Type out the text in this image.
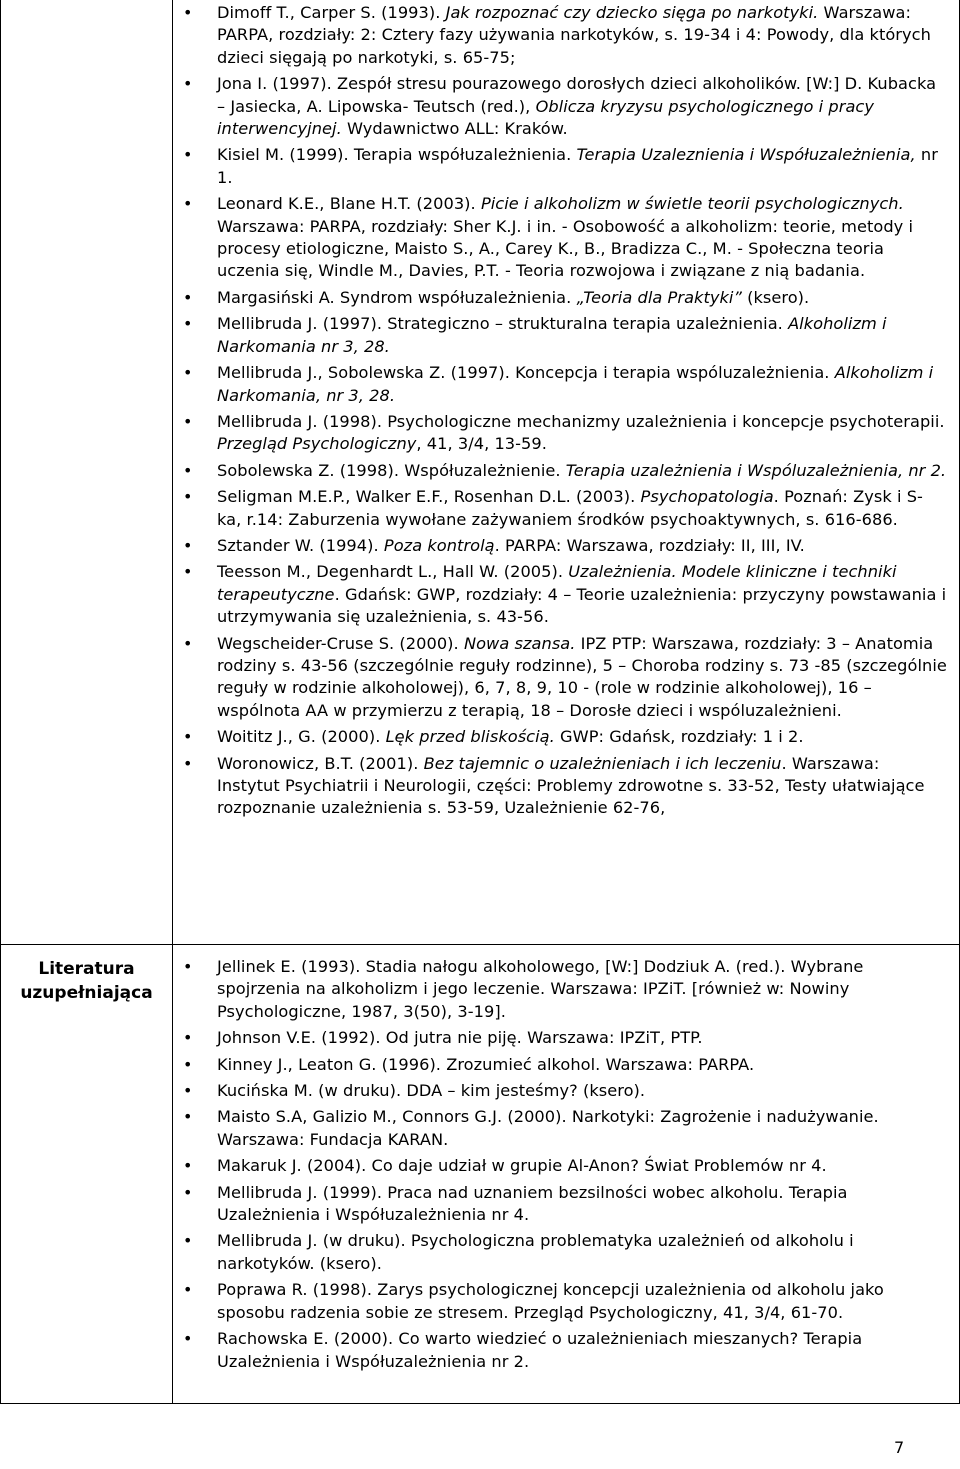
• Dimoff T., Carper S. (1993). Jak rozpoznać czy dziecko sięga po narkotyki. Warszawa: PARPA, rozdziały: 2: Cztery fazy używania narkotyków, s. 19-34 i 4: Powody, dla których dzieci sięgają po narkotyki, s. 65-75;
• Jona I. (1997). Zespół stresu pourazowego dorosłych dzieci alkoholików. [W:] D. Kubacka – Jasiecka, A. Lipowska- Teutsch (red.), Oblicza kryzysu psychologicznego i pracy interwencyjnej. Wydawnictwo ALL: Kraków.
• Kisiel M. (1999). Terapia współuzależnienia. Terapia Uzaleznienia i Współuzależnienia, nr 1.
• Leonard K.E., Blane H.T. (2003). Picie i alkoholizm w świetle teorii psychologicznych. Warszawa: PARPA, rozdziały: Sher K.J. i in. - Osobowość a alkoholizm: teorie, metody i procesy etiologiczne, Maisto S., A., Carey K., B., Bradizza C., M. - Społeczna teoria uczenia się, Windle M., Davies, P.T. - Teoria rozwojowa i związane z nią badania.
• Margasiński A. Syndrom współuzależnienia. „Teoria dla Praktyki” (ksero).
• Mellibruda J. (1997). Strategiczno – strukturalna terapia uzależnienia. Alkoholizm i Narkomania nr 3, 28.
• Mellibruda J., Sobolewska Z. (1997). Koncepcja i terapia wspóluzależnienia. Alkoholizm i Narkomania, nr 3, 28.
• Mellibruda J. (1998). Psychologiczne mechanizmy uzależnienia i koncepcje psychoterapii. Przegląd Psychologiczny, 41, 3/4, 13-59.
• Sobolewska Z. (1998). Współuzależnienie. Terapia uzależnienia i Wspóluzależnienia, nr 2.
• Seligman M.E.P., Walker E.F., Rosenhan D.L. (2003). Psychopatologia. Poznań: Zysk i S-ka, r.14: Zaburzenia wywołane zażywaniem środków psychoaktywnych, s. 616-686.
• Sztander W. (1994). Poza kontrolą. PARPA: Warszawa, rozdziały: II, III, IV.
• Teesson M., Degenhardt L., Hall W. (2005). Uzależnienia. Modele kliniczne i techniki terapeutyczne. Gdańsk: GWP, rozdziały: 4 – Teorie uzależnienia: przyczyny powstawania i utrzymywania się uzależnienia, s. 43-56.
• Wegscheider-Cruse S. (2000). Nowa szansa. IPZ PTP: Warszawa, rozdziały: 3 – Anatomia rodziny s. 43-56 (szczególnie reguły rodzinne), 5 – Choroba rodziny s. 73 -85 (szczególnie reguły w rodzinie alkoholowej), 6, 7, 8, 9, 10 - (role w rodzinie alkoholowej), 16 – wspólnota AA w przymierzu z terapią, 18 – Dorosłe dzieci i wspóluzależnieni.
• Woititz J., G. (2000). Lęk przed bliskością. GWP: Gdańsk, rozdziały: 1 i 2.
• Woronowicz, B.T. (2001). Bez tajemnic o uzależnieniach i ich leczeniu. Warszawa: Instytut Psychiatrii i Neurologii, części: Problemy zdrowotne s. 33-52, Testy ułatwiające rozpoznanie uzależnienia s. 53-59, Uzależnienie 62-76,
Literatura
uzupełniająca
• Jellinek E. (1993). Stadia nałogu alkoholowego, [W:] Dodziuk A. (red.). Wybrane spojrzenia na alkoholizm i jego leczenie. Warszawa: IPZiT. [również w: Nowiny Psychologiczne, 1987, 3(50), 3-19].
• Johnson V.E. (1992). Od jutra nie piję. Warszawa: IPZiT, PTP.
• Kinney J., Leaton G. (1996). Zrozumieć alkohol. Warszawa: PARPA.
• Kucińska M. (w druku). DDA – kim jesteśmy? (ksero).
• Maisto S.A, Galizio M., Connors G.J. (2000). Narkotyki: Zagrożenie i nadużywanie. Warszawa: Fundacja KARAN.
• Makaruk J. (2004). Co daje udział w grupie Al-Anon? Świat Problemów nr 4.
• Mellibruda J. (1999). Praca nad uznaniem bezsilności wobec alkoholu. Terapia Uzależnienia i Współuzależnienia nr 4.
• Mellibruda J. (w druku). Psychologiczna problematyka uzależnień od alkoholu i narkotyków. (ksero).
• Poprawa R. (1998). Zarys psychologicznej koncepcji uzależnienia od alkoholu jako sposobu radzenia sobie ze stresem. Przegląd Psychologiczny, 41, 3/4, 61-70.
• Rachowska E. (2000). Co warto wiedzieć o uzależnieniach mieszanych? Terapia Uzależnienia i Współuzależnienia nr 2.
7
